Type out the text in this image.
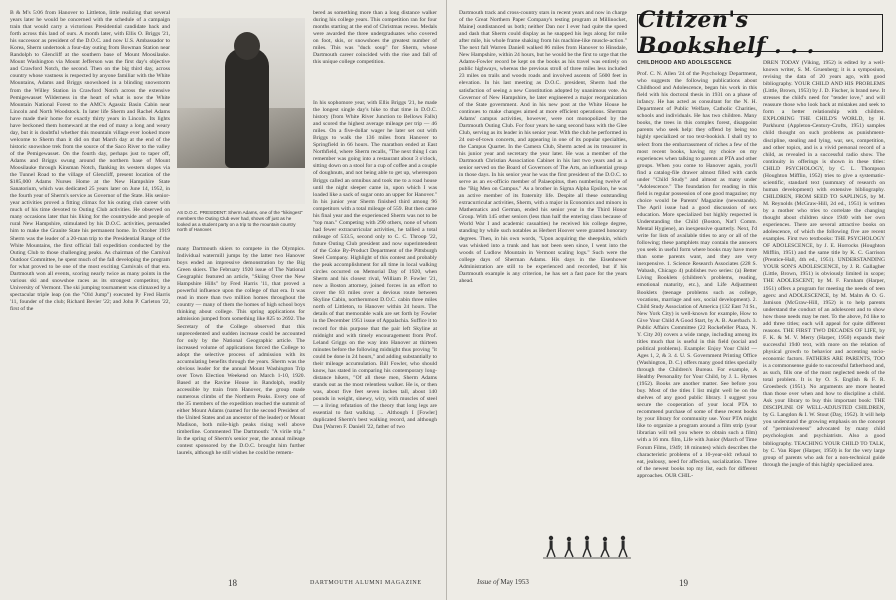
B & M's 5:06 from Hanover to Littleton, little realizing that several years later he would be concerned with the schedule of a campaign train that would carry a victorious Presidential candidate back and forth across this land of ours. A month later, with Ellis O. Briggs '21, his successor as president of the D.O.C. and now U.S. Ambassador to Korea, Sherm undertook a four-day outing from Bowman Station near Randolph to Glencliff at the southern base of Mount Moosilauke. Mount Washington via Mount Jefferson was the first day's objective and Crawford Notch, the second. Then on the big third day, across country whose vastness is respected by anyone familiar with the White Mountains, Adams and Briggs snowshoed in a blinding snowstorm from the Willey Station in Crawford Notch across the extensive Pemigewasset Wilderness in the heart of what is now the White Mountain National Forest to the AMC's Agassiz Basin Cabin near Lincoln and North Woodstock. In later life Sherm and Rachel Adams have made their home for exactly thirty years in Lincoln. Its lights have beckoned them homeward at the end of many a long and weary day, but it is doubtful whether this mountain village ever looked more welcome to Sherm than it did on that March day at the end of the historic snowshoe trek from the source of the Saco River to the valley of the Pemigewasset. On the fourth day, perhaps just to taper off, Adams and Briggs swung around the northern base of Mount Moosilauke through Kinsman Notch, flanking its western slopes via the Tunnel Road to the village of Glencliff, present location of the $185,000 Adams Nurses Home at the New Hampshire State Sanatorium, which was dedicated 25 years later on June 14, 1952, in the fourth year of Sherm's service as Governor of the State. His senior-year activities proved a fitting climax for his outing club career with much of his time devoted to Outing Club activities. He observed on many occasions later that his liking for the countryside and people of rural New Hampshire, stimulated by his D.O.C. activities, persuaded him to make the Granite State his permanent home. In October 1919 Sherm was the leader of a 20-man trip to the Presidential Range of the White Mountains, the first official fall expedition conducted by the Outing Club to those challenging peaks. As chairman of the Carnival Outdoor Committee, he spent much of the fall developing the program for what proved to be one of the most exciting Carnivals of that era. Dartmouth won all events, scoring nearly twice as many points in the various ski and snowshoe races as its strongest competitor, the University of Vermont. The ski jumping tournament was climaxed by a spectacular triple leap (on the "Old Jump") executed by Fred Harris '11, founder of the club; Richard Bevier '22; and John P. Carleton '22, first of the

AS D.O.C. PRESIDENT: Sherm Adams, one of the "hikingest" members the Outing Club ever had, shows off just as he looked as a student party on a trip to the mountain country north of Hanover.

bered as something more than a long distance walker during his college years. This competition ran for four months starting at the end of Christmas recess. Medals were awarded the three undergraduates who covered on foot, skis, or snowshoes the greatest number of miles. This was "duck soup" for Sherm, whose Dartmouth career coincided with the rise and fall of this unique college competition.

In his sophomore year, with Ellis Briggs '21, he made the longest single day's hike to that time in D.O.C. history (from White River Junction to Bellows Falls) and scored the highest average mileage per trip — 46 miles. On a five-dollar wager he later set out with Briggs to walk the 136 miles from Hanover to Springfield in 66 hours. The marathon ended at East Northfield, where Sherm recalls, "The next thing I can remember was going into a restaurant about 3 o'clock, sitting down on a stool for a cup of coffee and a couple of doughnuts, and not being able to get up, whereupon Briggs called an omnibus and took me to a road house until the night sleeper came in, upon which I was loaded like a sack of sugar onto an upper for Hanover." In his junior year Sherm finished third among 96 competitors with a total mileage of 559. But then came his final year and the experienced Sherm was not to be "top man." Competing with 290 others, none of whom had fewer extracurricular activities, he tallied a total mileage of 533.5, second only to C. C. Throop '22, future Outing Club president and now superintendent of the Coke By-Product Department of the Pittsburgh Steel Company. Highlight of this contest and probably the peak accomplishment for all time in local walking circles occurred on Memorial Day of 1920, when Sherm and his closest rival, William P. Fowler '21, now a Boston attorney, joined forces in an effort to cover the 83 miles over a devious route between Skyline Cabin, northernmost D.O.C. cabin three miles north of Littleton, to Hanover within 24 hours. The details of that memorable walk are set forth by Fowler in the December 1951 issue of Appalachia. Suffice it to record for this purpose that the pair left Skyline at midnight and with timely encouragement from Prof. Leland Griggs on the way into Hanover at thirteen minutes before the following midnight thus proving "it could be done in 24 hours," and adding substantially to their mileage accumulation. Bill Fowler, who should know, has stated in comparing his contemporary long-distance hikers, "Of all these men, Sherm Adams stands out as the most relentless walker. He is, or then was, about five feet seven inches tall, about 140 pounds in weight, sinewy, wiry, with muscles of steel — a living refutation of the theory that long legs are essential to fast walking. ... Although I [Fowler] duplicated Sherm's best walking record, and although Dan [Warren F. Daniell '22, father of two

many Dartmouth skiers to compete in the Olympics. Individual watermill jumps by the latter two Hanover boys ended an impressive demonstration by the Big Green skiers. The February 1920 issue of The National Geographic featured an article, "Skiing Over the New Hampshire Hills" by Fred Harris '11, that proved a powerful influence upon the college of that era. It was read in more than two million homes throughout the country — many of them the homes of high school boys thinking about college. This spring applications for admission jumped from something like 825 to 2692. The Secretary of the College observed that this unprecedented and sudden increase could be accounted for only by the National Geographic article. The increased volume of applications forced the College to adopt the selective process of admission with its accumulating benefits through the years. Sherm was the obvious leader for the annual Mount Washington Trip over Town Election Weekend on March 1-10, 1920. Based at the Ravine House in Randolph, readily accessible by train from Hanover, the group made numerous climbs of the Northern Peaks. Every one of the 35 members of the expedition reached the summit of either Mount Adams (named for the second President of the United States and an ancestor of the leader) or Mount Madison, both mile-high peaks rising well above timberline. Commented The Dartmouth: "A virile trip." In the spring of Sherm's senior year, the annual mileage contest sponsored by the D.O.C. brought him further laurels, although he still wishes he could be remem-

18	DARTMOUTH ALUMNI MAGAZINE

Dartmouth track and cross-country stars in recent years and now in charge of the Great Northern Paper Company's testing program at Millinocket, Maine] outdistanced us both; neither Dan nor I ever had quite the speed and dash that Sherm could display as he snapped his legs along for mile after mile, his whole frame shaking from his machine-like muscle-action." The next fall Warren Daniell walked 86 miles from Hanover to Hinsdale, New Hampshire, within 24 hours, but he would be the first to urge that the Adams-Fowler record be kept on the books as his travel was entirely on public highways, whereas the previous stroll of three miles less included 23 miles on trails and woods roads and involved ascents of 5600 feet in elevation. In his last meeting as D.O.C. president, Sherm had the satisfaction of seeing a new Constitution adopted by unanimous vote. As Governor of New Hampshire, he later engineered a major reorganization of the State government. And in his new post at the White House he continues to make changes aimed at more efficient operations. Sherman Adams' campus activities, however, were not monopolized by the Dartmouth Outing Club. For four years he sang second bass with the Glee Club, serving as its leader in his senior year. With the club he performed in 24 out-of-town concerts, and appearing in one of its popular specialties, the Campus Quartet. In the Camera Club, Sherm acted as its treasurer in his junior year and secretary the year later. He was a member of the Dartmouth Christian Association Cabinet in his last two years and as a senior served on the Board of Governors of The Arts, an influential group in those days. In his senior year he was the first president of the D.O.C. to serve as an ex-officio member of Palaeopitus, then numbering twelve of the "Big Men on Campus." As a brother in Sigma Alpha Epsilon, he was an active member of its fraternity life. Despite all these outstanding extracurricular activities, Sherm, with a major in Economics and minors in Mathematics and German, ended his senior year in the Third Honor Group. With 145 other seniors (less than half the entering class because of World War I and academic casualties) he received his college degree, standing by while such notables as Herbert Hoover were granted honorary degrees. Then, in his own words, "Upon acquiring the sheepskin, which was whisked into a trunk and has not been seen since, I went into the woods of Ludlow Mountain in Vermont scaling logs." Such were the college days of Sherman Adams. His days in the Eisenhower Administration are still to be experienced and recorded, but if his Dartmouth example is any criterion, he has set a fast pace for the years ahead.

Citizen's Bookshelf . . .

CHILDHOOD AND ADOLESCENCE

Prof. C. N. Allen '24 of the Psychology Department, who suggests the following publications about Childhood and Adolescence, began his work in this field with his doctoral thesis in 1931 on a phase of infancy. He has acted as consultant for the N. H. Department of Public Welfare, Catholic Charities, schools and individuals. He has two children. Many books, the trees in this complex forest, disappoint parents who seek help: they offend by being too highly specialized or too text-bookish. I shall try to select from the embarrassment of riches a few of the most recent books, having my choice on my experiences when talking to parents at PTA and other groups. When you come to Hanover again, you'll find a catalog-file drawer almost filled with cards under "Child Study" and almost as many under "Adolescence." The foundation for reading in this field is regular possession of one good magazine; my choice would be Parents' Magazine (newsstands). The April issue had a good discussion of sex education. More specialized but highly respected is Understanding the Child (Boston, Nat'l Comm. Mental Hygiene), an inexpensive quarterly. Next, I'd write for lists of available titles to any or all of the following; these pamphlets may contain the answers you seek in useful form where books may have more than some parents want, and they are very inexpensive. 1. Science Research Associates (228 S. Wabash, Chicago 4) publishes two series: (a) Better Living Booklets (children's problems, reading, emotional maturity, etc.), and Life Adjustment Booklets (teenage problems such as college, vocations, marriage and sex, social development). 2. Child Study Association of America (132 East 74 St., New York City) is well-known for example, How to Give Your Child A Good Start, by A. B. Auerbach. 3. Public Affairs Committee (22 Rockefeller Plaza, N. Y. City 20) covers a wide range, including among its titles much that is useful in this field (social and political problems). Example: Enjoy Your Child — Ages 1, 2, & 3. 4. U. S. Government Printing Office (Washington, D. C.) offers many good titles specially through the Children's Bureau. For example, A Healthy Personality for Your Child, by J. L. Hymes (1952). Books are another matter. See before you buy. Most of the titles I list might well be on the shelves of any good public library. I suggest you secure the cooperation of your local PTA to recommend purchase of some of these recent books by your library for community use. Your PTA might like to organize a program around a film strip (your librarian will tell you where to obtain such a film) with a 16 mm. film, Life with Junior (March of Time Forum Films, 1949; 18 minutes) which describes the characteristic problems of a 10-year-old: refusal to eat, jealousy, need for affection, socialization. Three of the newest books top my list, each for different approaches. OUR CHIL-

DREN TODAY (Viking, 1952) is edited by a well-known writer, S. M. Gruenberg; it is a symposium, revising the data of 20 years ago, with good bibliography. YOUR CHILD AND HIS PROBLEMS (Little, Brown, 1953) by J. D. Fischer, is brand new. It stresses the child's need for "tender love," and will reassure those who look back at mistakes and seek to form a better relationship with children. EXPLORING THE CHILD'S WORLD, by H. Parkhurst (Appleton-Century-Crofts, 1951) samples child thought on such problems as punishment-discipline, stealing and lying, war, sex, competition, and other topics, and is a vivid personal record of a child, as revealed in a successful radio show. The continuity in offerings is shown in these titles: CHILD PSYCHOLOGY, by C. L. Thompson (Houghton Mifflin, 1952) tries to give a systematic-scientific, standard text (summary of research on human development) with extensive bibliography. CHILDREN, FROM SEED TO SAPLINGS, by M. M. Reynolds (McGraw-Hill, 2d ed., 1951) is written by a mother who tries to correlate the changing thought about children since 1940 with her own experiences. There are several attractive books on adolescence, of which the following five are recent examples. First two textbooks: THE PSYCHOLOGY OF ADOLESCENCE, by J. E. Horrocks (Houghton Mifflin, 1951) and the same title by K. C. Garrison (Prentice-Hall, 4th ed., 1951). UNDERSTANDING YOUR SON'S ADOLESCENCE, by J. R. Gallagher (Little, Brown, 1951) is obviously limited in scope; THE ADOLESCENT, by M. F. Farnham (Harper, 1951) offers a program for meeting the needs of teen agers: and ADOLESCENCE, by M. Malm & O. G. Jamison (McGraw-Hill, 1952) is to help parents understand the conduct of an adolescent and to show how those needs may be met. To the above, I'd like to add three titles; each will appeal for quite different reasons. THE FIRST TWO DECADES OF LIFE, by F. K. & M. V. Merry (Harper, 1950) expands their successful 1940 text, with more on the relation of physical growth to behavior and accenting socio-economic factors. FATHERS ARE PARENTS, TOO is a commonsense guide to successful fatherhood and, as such, fills one of the most neglected needs of the total problem. It is by O. S. English & F. R. Groesbeck (1951). No arguments are more heated than those over when and how to discipline a child. Ask your library to buy this important book: THE DISCIPLINE OF WELL-ADJUSTED CHILDREN, by G. Langdon & I. W. Stout (Day, 1952). It will help you understand the growing emphasis on the concept of "permissiveness" advocated by many child psychologists and psychiatrists. Also a good bibliography. TEACHING YOUR CHILD TO TALK, by C. Van Riper (Harper, 1950) is for the very large group of parents who ask for a non-technical guide through the jungle of this highly specialized area.

Issue of May 1953	19
